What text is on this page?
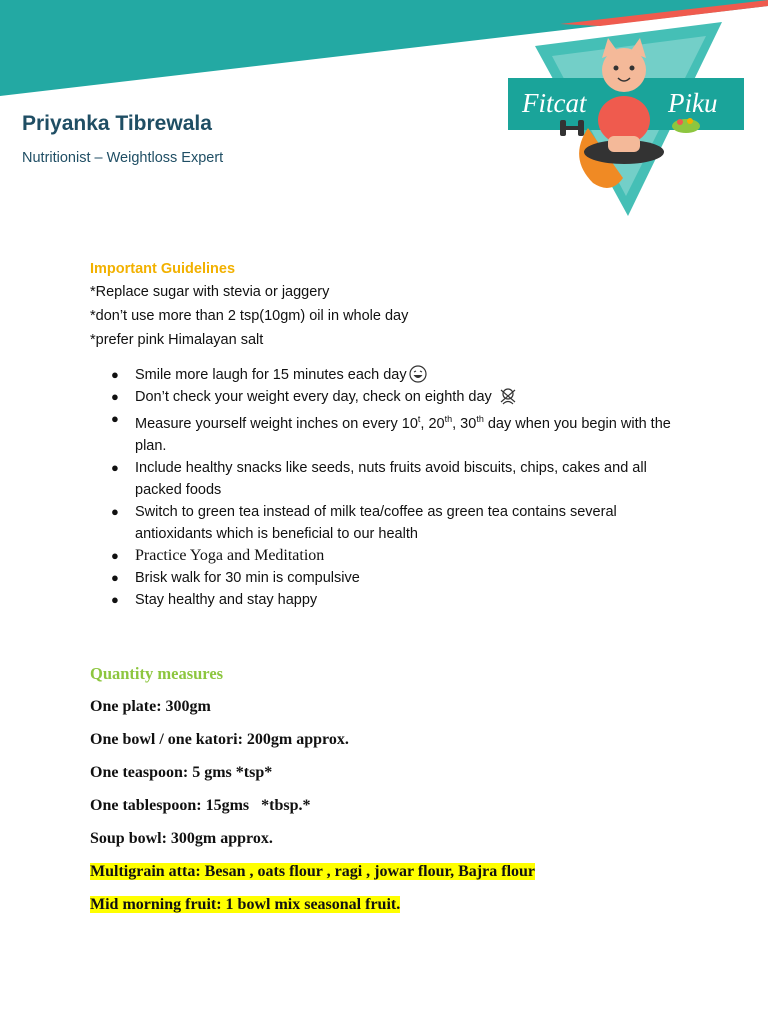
Priyanka Tibrewala
Nutritionist – Weightloss Expert
Fitcat	Piku
Important Guidelines
*Replace sugar with stevia or jaggery
*don’t use more than 2 tsp(10gm) oil in whole day
*prefer pink Himalayan salt
● Smile more laugh for 15 minutes each day
● Don’t check your weight every day, check on eighth day
● Measure yourself weight inches on every 10$^t$, 20th, 30th day when you begin with the plan.
● Include healthy snacks like seeds, nuts fruits avoid biscuits, chips, cakes and all packed foods
● Switch to green tea instead of milk tea/coffee as green tea contains several antioxidants which is beneficial to our health
● Practice Yoga and Meditation
● Brisk walk for 30 min is compulsive
● Stay healthy and stay happy
Quantity measures
One plate: 300gm
One bowl / one katori: 200gm approx.
One teaspoon: 5 gms *tsp*
One tablespoon: 15gms   *tbsp.*
Soup bowl: 300gm approx.
Multigrain atta: Besan , oats flour , ragi , jowar flour, Bajra flour
Mid morning fruit: 1 bowl mix seasonal fruit.
